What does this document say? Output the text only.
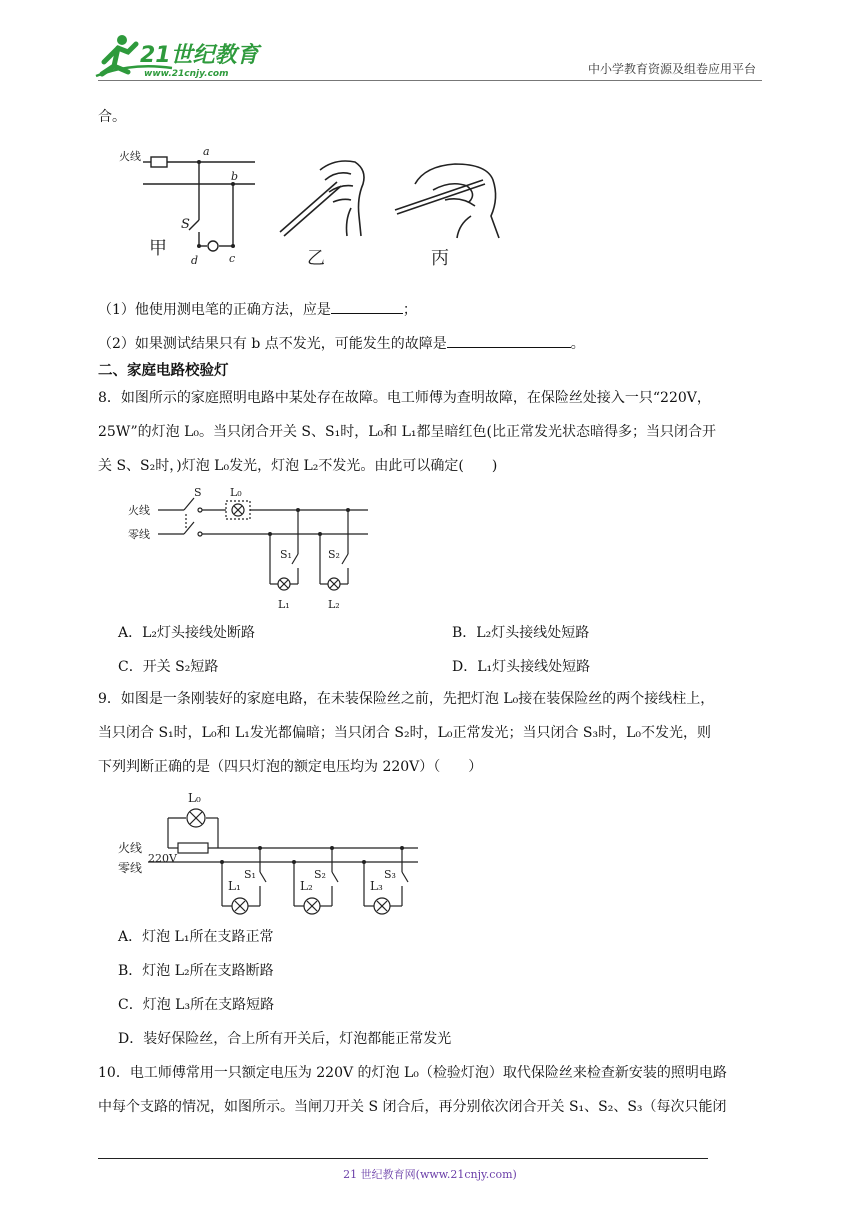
21世纪教育
www.21cnjy.com	中小学教育资源及组卷应用平台
合。
火线	a
b
c
d
S
甲	乙	丙
（1）他使用测电笔的正确方法，应是	；
（2）如果测试结果只有 b 点不发光，可能发生的故障是	。
二、家庭电路校验灯
8．如图所示的家庭照明电路中某处存在故障。电工师傅为查明故障，在保险丝处接入一只“220V，
25W”的灯泡 L₀。当只闭合开关 S、S₁时，L₀和 L₁都呈暗红色(比正常发光状态暗得多；当只闭合开
关 S、S₂时，)灯泡 L₀发光，灯泡 L₂不发光。由此可以确定(　　)
火线
零线
S	L₀
S₁	S₂
L₁	L₂
A．L₂灯头接线处断路	B．L₂灯头接线处短路
C．开关 S₂短路	D．L₁灯头接线处短路
9．如图是一条刚装好的家庭电路，在未装保险丝之前，先把灯泡 L₀接在装保险丝的两个接线柱上，
当只闭合 S₁时，L₀和 L₁发光都偏暗；当只闭合 S₂时，L₀正常发光；当只闭合 S₃时，L₀不发光，则
下列判断正确的是（四只灯泡的额定电压均为 220V）（　　）
火线
零线
220V
L₀
L₁	L₂	L₃
S₁	S₂	S₃
A．灯泡 L₁所在支路正常
B．灯泡 L₂所在支路断路
C．灯泡 L₃所在支路短路
D．装好保险丝，合上所有开关后，灯泡都能正常发光
10．电工师傅常用一只额定电压为 220V 的灯泡 L₀（检验灯泡）取代保险丝来检查新安装的照明电路
中每个支路的情况，如图所示。当闸刀开关 S 闭合后，再分别依次闭合开关 S₁、S₂、S₃（每次只能闭
21 世纪教育网(www.21cnjy.com)
